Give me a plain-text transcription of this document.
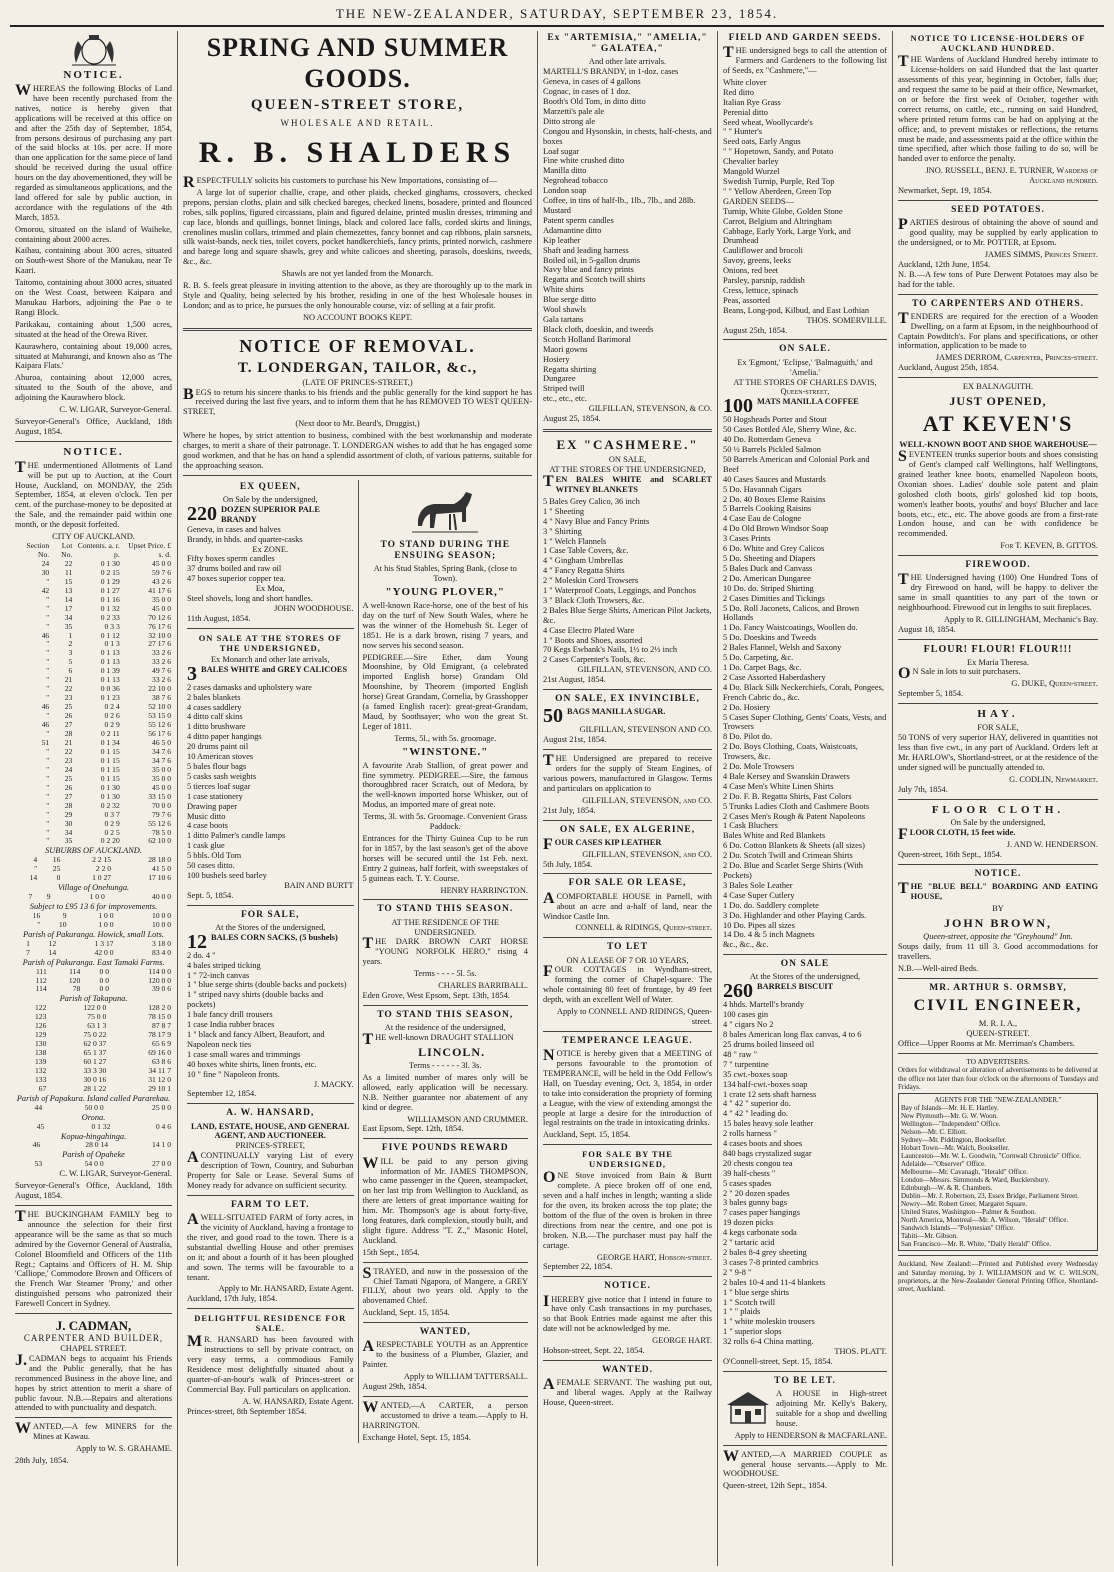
THE NEW-ZEALANDER, SATURDAY, SEPTEMBER 23, 1854.
NOTICE.

WHEREAS the following Blocks of Land have been recently purchased from the natives, notice is hereby given that applications will be received at this office on and after the 25th day of September, 1854, from persons desirous of purchasing any part of the said blocks at 10s. per acre. If more than one application for the same piece of land should be received during the usual office hours on the day abovementioned, they will be regarded as simultaneous applications, and the land offered for sale by public auction, in accordance with the regulations of the 4th March, 1853.

Omorou, situated on the island of Waiheke, containing about 2000 acres.

Kaihau, containing about 300 acres, situated on South-west Shore of the Manukau, near Te Kaari.

Taitomo, containing about 3000 acres, situated on the West Coast, between Kaipara and Manukau Harbors, adjoining the Pae o te Rangi Block.

Parikakau, containing about 1,500 acres, situated at the head of the Orewa River.

Kaurawhero, containing about 19,000 acres, situated at Mahurangi, and known also as 'The Kaipara Flats.'

Ahuroa, containing about 12,000 acres, situated to the South of the above, and adjoining the Kaurawhero block.

C. W. LIGAR, Surveyor-General.

Surveyor-General's Office, Auckland, 18th August, 1854.

NOTICE.

THE undermentioned Allotments of Land will be put up to Auction, at the Court House, Auckland, on MONDAY, the 25th September, 1854, at eleven o'clock. Ten per cent. of the purchase-money to be deposited at the Sale, and the remainder paid within one month, or the deposit forfeited.

CITY OF AUCKLAND.
Section No.	Lot No.	Contents. a. r. p.	Upset Price. £ s. d.
24	22	0 1 30	45 0 0
30	11	0 2 15	59 7 6
"	15	0 1 29	43 2 6
42	13	0 1 27	41 17 6
"	14	0 1 16	35 0 0
"	17	0 1 32	45 0 0
"	34	0 2 33	70 12 6
"	35	0 3 3	76 17 6
46	1	0 1 12	32 10 0
"	2	0 1 3	27 17 6
"	3	0 1 13	33 2 6
"	5	0 1 13	33 2 6
"	6	0 1 39	49 7 6
"	21	0 1 13	33 2 6
"	22	0 0 36	22 10 0
"	23	0 1 23	38 7 6
46	25	0 2 4	52 10 0
"	26	0 2 6	53 15 0
46	27	0 2 9	55 12 6
"	28	0 2 11	56 17 6
51	21	0 1 34	46 5 0
"	22	0 1 15	34 7 6
"	23	0 1 15	34 7 6
"	24	0 1 15	35 0 0
"	25	0 1 15	35 0 0
"	26	0 1 30	45 0 0
"	27	0 1 30	33 15 0
"	28	0 2 32	70 0 0
"	29	0 3 7	79 7 6
"	30	0 2 9	55 12 6
"	34	0 2 5	78 5 0
"	35	0 2 20	62 10 0
SUBURBS OF AUCKLAND.
4	16	2 2 15	28 18 0
"	25	2 2 0	41 5 0
14	0	1 0 27	17 10 6
Village of Onehunga.
7	9	1 0 0	40 0 0
Subject to £95 13 6 for improvements.
16	9	1 0 0	10 0 0
"	10	1 0 0	10 0 0
Parish of Pakuranga. Howick, small Lots.
1	12	1 3 17	3 18 0
7	14	42 0 0	83 4 0
Parish of Pakuranga. East Tamaki Farms.
111	114	0 0	114 0 0
112	120	0 0	120 0 0
114	78	0 0	39 0 6
Parish of Takapuna.
122	122 0 0		128 2 0
123	75 0 0		78 15 0
126	63 1 3		87 8 7
129	75 0 22		78 17 9
130	62 0 37		65 6 9
138	65 1 37		69 16 0
139	60 1 27		63 8 6
132	33 3 30		34 11 7
133	30 0 16		31 12 0
67	28 1 22		29 10 1
Parish of Papakura. Island called Pararekau.
44	50 0 0		25 0 0
Orona.
45	0 1 32		0 4 6
Kopua-hingahinga.
46	28 0 14		14 1 0
Parish of Opaheke
53	54 0 0		27 0 0

C. W. LIGAR, Surveyor-General.

Surveyor-General's Office, Auckland, 18th August, 1854.

THE BUCKINGHAM FAMILY beg to announce the selection for their first appearance will be the same as that so much admired by the Governor General of Australia, Colonel Bloomfield and Officers of the 11th Regt.; Captains and Officers of H. M. Ship 'Calliope,' Commodore Brown and Officers of the French War Steamer 'Prony,' and other distinguished persons who patronized their Farewell Concert in Sydney.

J. CADMAN,
CARPENTER AND BUILDER,
CHAPEL STREET.

J.CADMAN begs to acquaint his Friends and the Public generally, that he has recommenced Business in the above line, and hopes by strict attention to merit a share of public favour. N.B.—Repairs and alterations attended to with punctuality and despatch.

WANTED,—A few MINERS for the Mines at Kawau.

Apply to W. S. GRAHAME.

28th July, 1854.

SPRING AND SUMMER GOODS.
QUEEN-STREET STORE,
WHOLESALE AND RETAIL.
R. B. SHALDERS

RESPECTFULLY solicits his customers to purchase his New Importations, consisting of—

A large lot of superior challie, crape, and other plaids, checked ginghams, crossovers, checked prepons, persian cloths, plain and silk checked bareges, checked linens, bosadere, printed and flounced robes, silk poplins, figured circassians, plain and figured delaine, printed muslin dresses, trimming and cap lace, blonds and quillings, bonnet linings, black and colored lace falls, corded skirts and linings, crenolines muslin collars, trimmed and plain chemezettes, fancy bonnet and cap ribbons, plain sarsnets, silk waist-bands, neck ties, toilet covers, pocket handkerchiefs, fancy prints, printed norwich, cashmere and barege long and square shawls, grey and white calicoes and sheeting, parasols, doeskins, tweeds, &c., &c.

Shawls are not yet landed from the Monarch.

R. B. S. feels great pleasure in inviting attention to the above, as they are thoroughly up to the mark in Style and Quality, being selected by his brother, residing in one of the best Wholesale houses in London; and as to price, he pursues the only honourable course, viz: of selling at a fair profit.

NO ACCOUNT BOOKS KEPT.

NOTICE OF REMOVAL.
T. LONDERGAN, TAILOR, &c.,
(LATE OF PRINCES-STREET,)

BEGS to return his sincere thanks to his friends and the public generally for the kind support he has received during the last five years, and to inform them that he has REMOVED TO WEST QUEEN-STREET,

(Next door to Mr. Beard's, Druggist,)

Where he hopes, by strict attention to business, combined with the best workmanship and moderate charges, to merit a share of their patronage. T. LONDERGAN wishes to add that he has engaged some good workmen, and that he has on hand a splendid assortment of cloth, of various patterns, suitable for the approaching season.

EX QUEEN,
On Sale by the undersigned,
220 DOZEN SUPERIOR PALE BRANDY
Geneva, in cases and halves
Brandy, in hhds. and quarter-casks
Ex ZONE.
Fifty boxes sperm candles
37 drums boiled and raw oil
47 boxes superior copper tea.
Ex Moa,
Steel shovels, long and short handles.
JOHN WOODHOUSE.
11th August, 1854.
ON SALE AT THE STORES OF THE UNDERSIGNED,
Ex Monarch and other late arrivals,
3 BALES WHITE and GREY CALICOES
2 cases damasks and upholstery ware
2 bales blankets
4 cases saddlery
4 ditto calf skins
1 ditto brushware
4 ditto paper hangings
20 drums paint oil
10 American stoves
5 bales flour bags
5 casks sash weights
5 tierces loaf sugar
1 case stationery
Drawing paper
Music ditto
4 case boots
1 ditto Palmer's candle lamps
1 cask glue
5 bbls. Old Tom
50 cases ditto.
100 bushels seed barley
BAIN AND BURTT
Sept. 5, 1854.
FOR SALE,
At the Stores of the undersigned,
12 BALES CORN SACKS, (5 bushels)
2 do. 4 "
4 bales striped ticking
1 " 72-inch canvas
1 " blue serge shirts (double backs and pockets)
1 " striped navy shirts (double backs and pockets)
1 bale fancy drill trousers
1 case India rubber braces
1 " black and fancy Albert, Beaufort, and Napoleon neck ties
1 case small wares and trimmings
40 boxes white shirts, linen fronts, etc.
10 " fine " Napoleon fronts.
J. MACKY.
September 12, 1854.
A. W. HANSARD,
LAND, ESTATE, HOUSE, AND GENERAL AGENT, AND AUCTIONEER.
PRINCES-STREET,

ACONTINUALLY varying List of every description of Town, Country, and Suburban Property for Sale or Lease. Several Sums of Money ready for advance on sufficient security.

FARM TO LET.

AWELL-SITUATED FARM of forty acres, in the vicinity of Auckland, having a frontage to the river, and good road to the town. There is a substantial dwelling House and other premises on it; and about a fourth of it has been ploughed and sown. The terms will be favourable to a tenant.

Apply to Mr. HANSARD, Estate Agent.
Auckland, 17th July, 1854.
DELIGHTFUL RESIDENCE FOR SALE.

MR. HANSARD has been favoured with instructions to sell by private contract, on very easy terms, a commodious Family Residence most delightfully situated about a quarter-of-an-hour's walk of Princes-street or Commercial Bay. Full particulars on application.

A. W. HANSARD, Estate Agent.
Princes-street, 8th September 1854.
TO STAND DURING THE ENSUING SEASON;
At his Stud Stables, Spring Bank, (close to Town).
"YOUNG PLOVER,"

A well-known Race-horse, one of the best of his day on the turf of New South Wales, where he was the winner of the Homebush St. Leger of 1851. He is a dark brown, rising 7 years, and now serves his second season.

PEDIGREE.—Sire Ether, dam Young Moonshine, by Old Emigrant, (a celebrated imported English horse) Grandam Old Moonshine, by Theorem (imported English horse) Great Grandam, Cornelia, by Grasshopper (a famed English racer): great-great-Grandam, Maud, by Soothsayer; who won the great St. Leger of 1811.

Terms, 5l., with 5s. groomage.

"WINSTONE."

A favourite Arab Stallion, of great power and fine symmetry. PEDIGREE.—Sire, the famous thoroughbred racer Scratch, out of Medora, by the well-known imported horse Whisker, out of Modus, an imported mare of great note.

Terms, 3l. with 5s. Groomage. Convenient Grass Paddock.

Entrances for the Thirty Guinea Cup to be run for in 1857, by the last season's get of the above horses will be secured until the 1st Feb. next. Entry 2 guineas, half forfeit, with sweepstakes of 5 guineas each. T. Y. Course.

HENRY HARRINGTON.
TO STAND THIS SEASON.
AT THE RESIDENCE OF THE UNDERSIGNED.

THE DARK BROWN CART HORSE "YOUNG NORFOLK HERO," rising 4 years.

Terms - - - - 5l. 5s.

CHARLES BARRIBALL.
Eden Grove, West Epsom, Sept. 13th, 1854.
TO STAND THIS SEASON,
At the residence of the undersigned,

THE well-known DRAUGHT STALLION

LINCOLN.

Terms - - - - - - 3l. 3s.

As a limited number of mares only will be allowed, early application will be necessary. N.B. Neither guarantee nor abatement of any kind or degree.

WILLIAMSON AND CRUMMER.
East Epsom, Sept. 12th, 1854.
FIVE POUNDS REWARD

WILL be paid to any person giving information of Mr. JAMES THOMPSON, who came passenger in the Queen, steampacket, on her last trip from Wellington to Auckland, as there are letters of great importance waiting for him. Mr. Thompson's age is about forty-five, long features, dark complexion, stoutly built, and slight figure. Address "T. Z.," Masonic Hotel, Auckland.

15th Sept., 1854.

STRAYED, and now in the possession of the Chief Tamati Ngapora, of Mangere, a GREY FILLY, about two years old. Apply to the abovenamed Chief.

Auckland, Sept. 15, 1854.
WANTED,

ARESPECTABLE YOUTH as an Apprentice to the business of a Plumber, Glazier, and Painter.

Apply to WILLIAM TATTERSALL.
August 29th, 1854.

WANTED,—A CARTER, a person accustomed to drive a team.—Apply to H. HARRINGTON.

Exchange Hotel, Sept. 15, 1854.
Ex "ARTEMISIA," "AMELIA," " GALATEA,"
And other late arrivals.
MARTELL'S BRANDY, in 1-doz. cases
Geneva, in cases of 4 gallons
Cognac, in cases of 1 doz.
Booth's Old Tom, in ditto ditto
Marzetti's pale ale
Ditto strong ale
Congou and Hysonskin, in chests, half-chests, and boxes
Loaf sugar
Fine white crushed ditto
Manilla ditto
Negrohead tobacco
London soap
Coffee, in tins of half-lb., 1lb., 7lb., and 28lb.
Mustard
Patent sperm candles
Adamantine ditto
Kip leather
Shaft and leading harness
Boiled oil, in 5-gallon drums
Navy blue and fancy prints
Regatta and Scotch twill shirts
White shirts
Blue serge ditto
Wool shawls
Gala tartans
Black cloth, doeskin, and tweeds
Scotch Holland Barimoral
Maori gowns
Hosiery
Regatta shirting
Dungaree
Striped twill
etc., etc., etc.
GILFILLAN, STEVENSON, & CO.
August 25, 1854.
EX "CASHMERE."
ON SALE,
AT THE STORES OF THE UNDERSIGNED,

TEN BALES WHITE and SCARLET WITNEY BLANKETS

5 Bales Grey Calico, 36 inch
1 " Sheeting
4 " Navy Blue and Fancy Prints
3 " Shirting
1 " Welch Flannels
1 Case Table Covers, &c.
4 " Gingham Umbrellas
4 " Fancy Regatta Shirts
2 " Moleskin Cord Trowsers
1 " Waterproof Coats, Leggings, and Ponchos
3 " Black Cloth Trowsers, &c.
2 Bales Blue Serge Shirts, American Pilot Jackets, &c.
4 Case Electro Plated Ware
1 " Boots and Shoes, assorted
70 Kegs Ewbank's Nails, 1½ to 2½ inch
2 Cases Carpenter's Tools, &c.
GILFILLAN, STEVENSON, AND CO.
21st August, 1854.
ON SALE, EX INVINCIBLE,
50 BAGS MANILLA SUGAR.
GILFILLAN, STEVENSON AND CO.
August 21st, 1854.

THE Undersigned are prepared to receive orders for the supply of Steam Engines, of various powers, manufactured in Glasgow. Terms and particulars on application to

GILFILLAN, STEVENSON, and CO.
21st July, 1854.
ON SALE, EX ALGERINE,

FOUR CASES KIP LEATHER

GILFILLAN, STEVENSON, and CO.
5th July, 1854.
FOR SALE OR LEASE,

ACOMFORTABLE HOUSE in Parnell, with about an acre and a-half of land, near the Windsor Castle Inn.

CONNELL & RIDINGS, Queen-street.
TO LET
ON A LEASE OF 7 OR 10 YEARS,

FOUR COTTAGES in Wyndham-street, forming the corner of Chapel-square. The whole containing 80 feet of frontage, by 49 feet depth, with an excellent Well of Water.

Apply to CONNELL AND RIDINGS, Queen-street.
TEMPERANCE LEAGUE.

NOTICE is hereby given that a MEETING of persons favourable to the promotion of TEMPERANCE, will be held in the Odd Fellow's Hall, on Tuesday evening, Oct. 3, 1854, in order to take into consideration the propriety of forming a League, with the view of extending amongst the people at large a desire for the introduction of legal restraints on the trade in intoxicating drinks.

Auckland, Sept. 15, 1854.
FOR SALE BY THE UNDERSIGNED,

ONE Stove invoiced from Bain & Burtt complete. A piece broken off of one end, seven and a half inches in length; wanting a slide for the oven, its broken across the top plate; the bottom of the flue of the oven is broken in three directions from near the centre, and one pot is broken. N.B.—The purchaser must pay half the cartage.

GEORGE HART, Hobson-street.
September 22, 1854.
NOTICE.

IHEREBY give notice that I intend in future to have only Cash transactions in my purchases, so that Book Entries made against me after this date will not be acknowledged by me.

GEORGE HART.
Hobson-street, Sept. 22, 1854.
WANTED.

AFEMALE SERVANT. The washing put out, and liberal wages. Apply at the Railway House, Queen-street.

FIELD AND GARDEN SEEDS.

THE undersigned begs to call the attention of Farmers and Gardeners to the following list of Seeds, ex "Cashmere,"—

White clover
Red ditto
Italian Rye Grass
Perenial ditto
Seed wheat, Woollycarde's
" " Hunter's
Seed oats, Early Angus
" " Hopetown, Sandy, and Potato
Chevalier barley
Mangold Wurzel
Swedish Turnip, Purple, Red Top
" " Yellow Aberdeen, Green Top
GARDEN SEEDS—
Turnip, White Globe, Golden Stone
Carrot, Belgium and Altringham
Cabbage, Early York, Large York, and Drumhead
Cauliflower and brocoli
Savoy, greens, leeks
Onions, red beet
Parsley, parsnip, raddish
Cress, lettuce, spinach
Peas, assorted
Beans, Long-pod, Kilbud, and East Lothian
THOS. SOMERVILLE.
August 25th, 1854.
ON SALE.
Ex 'Egmont,' 'Eclipse,' 'Balmaguith,' and 'Amelia.'
AT THE STORES OF CHARLES DAVIS, Queen-street,
100 MATS MANILLA COFFEE
50 Hogsheads Porter and Stout
50 Cases Bottled Ale, Sherry Wine, &c.
40 Do. Rotterdam Geneva
50 ½ Barrels Pickled Salmon
50 Barrels American and Colonial Pork and Beef
40 Cases Sauces and Mustards
5 Do. Havannah Cigars
2 Do. 40 Boxes Eleme Raisins
5 Barrels Cooking Raisins
4 Case Eau de Cologne
4 Do Old Brown Windsor Soap
3 Cases Prints
6 Do. White and Grey Calicos
5 Do. Sheeting and Diapers
5 Bales Duck and Canvass
2 Do. American Dungaree
10 Do. do. Striped Shirting
2 Cases Dimities and Tickings
5 Do. Roll Jaconets, Calicos, and Brown Hollands
1 Do. Fancy Waistcoatings, Woollen do.
5 Do. Doeskins and Tweeds
2 Bales Flannel, Welsh and Saxony
5 Do. Carpeting, &c.
1 Do. Carpet Bags, &c.
2 Case Assorted Haberdashery
4 Do. Black Silk Neckerchiefs, Corah, Pongees, French Cabric do., &c.
2 Do. Hosiery
5 Cases Super Clothing, Gents' Coats, Vests, and Trowsers
8 Do. Pilot do.
2 Do. Boys Clothing, Coats, Waistcoats, Trowsers, &c.
2 Do. Mole Trowsers
4 Bale Kersey and Swanskin Drawers
4 Case Men's White Linen Shirts
2 Do. F. B. Regatta Shirts, Fast Colors
5 Trunks Ladies Cloth and Cashmere Boots
2 Cases Men's Rough & Patent Napoleons
1 Cask Bluchers
Bales White and Red Blankets
6 Do. Cotton Blankets & Sheets (all sizes)
2 Do. Scotch Twill and Crimean Shirts
2 Do. Blue and Scarlet Serge Shirts (With Pockets)
3 Bales Sole Leather
4 Case Super Cutlery
1 Do. do. Saddlery complete
3 Do. Highlander and other Playing Cards.
10 Do. Pipes all sizes
14 Do. 4 & 5 inch Magnets
&c., &c., &c.
ON SALE
At the Stores of the undersigned,
260 BARRELS BISCUIT
4 hhds. Martell's brandy
100 cases gin
4 " cigars No 2
8 bales American long flax canvas, 4 to 6
25 drums boiled linseed oil
48 " raw "
7 " turpentine
35 cwt.-boxes soap
134 half-cwt.-boxes soap
1 crate 12 sets shaft harness
4 " 42 " superior do.
4 " 42 " leading do.
15 bales heavy sole leather
2 rolls harness "
4 cases boots and shoes
840 bags crystalized sugar
20 chests congou tea
39 half-chests "
5 cases spades
2 " 20 dozen spades
3 bales gunny bags
7 cases paper hangings
19 dozen picks
4 kegs carbonate soda
2 " tartaric acid
2 bales 8-4 grey sheeting
3 cases 7-8 printed cambrics
2 " 9-8 "
2 bales 10-4 and 11-4 blankets
1 " blue serge shirts
1 " Scotch twill
1 " " plaids
1 " white moleskin trousers
1 " superior slops
32 rolls 6-4 China matting.
THOS. PLATT.
O'Connell-street, Sept. 15, 1854.
TO BE LET.

A HOUSE in High-street adjoining Mr. Kelly's Bakery, suitable for a shop and dwelling house.

Apply to HENDERSON & MACFARLANE.

WANTED,—A MARRIED COUPLE as general house servants.—Apply to Mr. WOODHOUSE.

Queen-street, 12th Sept., 1854.
NOTICE TO LICENSE-HOLDERS OF AUCKLAND HUNDRED.

THE Wardens of Auckland Hundred hereby intimate to License-holders on said Hundred that the last quarter assessments of this year, beginning in October, falls due; and request the same to be paid at their office, Newmarket, on or before the first week of October, together with correct returns, on cattle, etc., running on said Hundred, where printed return forms can be had on applying at the office; and, to prevent mistakes or reflections, the returns must be made, and assessments paid at the office within the time specified, after which those failing to do so, will be handed over to enforce the penalty.

JNO. RUSSELL, BENJ. E. TURNER, Wardens of Auckland hundred.
Newmarket, Sept. 19, 1854.
SEED POTATOES.

PARTIES desirous of obtaining the above of sound and good quality, may be supplied by early application to the undersigned, or to Mr. POTTER, at Epsom.

JAMES SIMMS, Princes Street.
Auckland, 12th June, 1854.

N. B.—A few tons of Pure Derwent Potatoes may also be had for the table.

TO CARPENTERS AND OTHERS.

TENDERS are required for the erection of a Wooden Dwelling, on a farm at Epsom, in the neighbourhood of Captain Powditch's. For plans and specifications, or other information, application to be made to

JAMES DERROM, Carpenter, Princes-street.
Auckland, August 25th, 1854.
EX BALNAGUITH.
JUST OPENED,
AT KEVEN'S
WELL-KNOWN BOOT AND SHOE WAREHOUSE—

SEVENTEEN trunks superior boots and shoes consisting of Gent's clamped calf Wellingtons, half Wellingtons, grained leather knee boots, enamelled Napoleon boots, Oxonian shoes. Ladies' double sole patent and plain goloshed cloth boots, girls' goloshed kid top boots, women's leather boots, youths' and boys' Blucher and lace boots, etc., etc., etc. The above goods are from a first-rate London house, and can be with confidence be recommended.

For T. KEVEN, B. GITTOS.
FIREWOOD.

THE Undersigned having (100) One Hundred Tons of dry Firewood on hand, will be happy to deliver the same in small quantities to any part of the town or neighbourhood. Firewood cut in lengths to suit fireplaces.

Apply to R. GILLINGHAM, Mechanic's Bay.
August 18, 1854.
FLOUR! FLOUR! FLOUR!!!
Ex Maria Theresa.

ON Sale in lots to suit purchasers.

G. DUKE, Queen-street.
September 5, 1854.
HAY.
FOR SALE,

50 TONS of very superior HAY, delivered in quantities not less than five cwt., in any part of Auckland. Orders left at Mr. HARLOW's, Shortland-street, or at the residence of the under signed will be punctually attended to.

G. CODLIN, Newmarket.
July 7th, 1854.
FLOOR CLOTH.
On Sale by the undersigned,

FLOOR CLOTH, 15 feet wide.

J. AND W. HENDERSON.
Queen-street, 16th Sept., 1854.
NOTICE.

THE "BLUE BELL" BOARDING AND EATING HOUSE,

BY
JOHN BROWN,
Queen-street, opposite the "Greyhound" Inn.

Soups daily, from 11 till 3. Good accommodations for travellers.

N.B.—Well-aired Beds.

MR. ARTHUR S. ORMSBY,
CIVIL ENGINEER,
M. R. I. A.,
QUEEN-STREET.

Office—Upper Rooms at Mr. Merriman's Chambers.

TO ADVERTISERS.

Orders for withdrawal or alteration of advertisements to be delivered at the office not later than four o'clock on the afternoons of Tuesdays and Fridays.

AGENTS FOR THE "NEW-ZEALANDER."
Bay of Islands—Mr. H. E. Hartley.
New Plymouth—Mr. G. W. Woon.
Wellington—"Independent" Office.
Nelson—Mr. C. Elliott.
Sydney—Mr. Piddington, Bookseller.
Hobart Town—Mr. Walch, Bookseller.
Launceston—Mr. W. L. Goodwin, "Cornwall Chronicle" Office.
Adelaide—"Observer" Office.
Melbourne—Mr. Cavanagh, "Herald" Office.
London—Messrs. Simmonds & Ward, Bucklersbury.
Edinburgh—W. & R. Chambers.
Dublin—Mr. J. Robertson, 23, Essex Bridge, Parliament Street.
Newry—Mr. Robert Greer, Margaret Square.
United States, Washington—Palmer & Southon.
North America, Montreal—Mr. A. Wilson, "Herald" Office.
Sandwich Islands—"Polynesian" Office.
Tahiti—Mr. Gibson.
San Francisco—Mr. R. White, "Daily Herald" Office.

Auckland, New Zealand:—Printed and Published every Wednesday and Saturday morning, by J. WILLIAMSON and W. C. WILSON, proprietors, at the New-Zealander General Printing Office, Shortland-street, Auckland.
